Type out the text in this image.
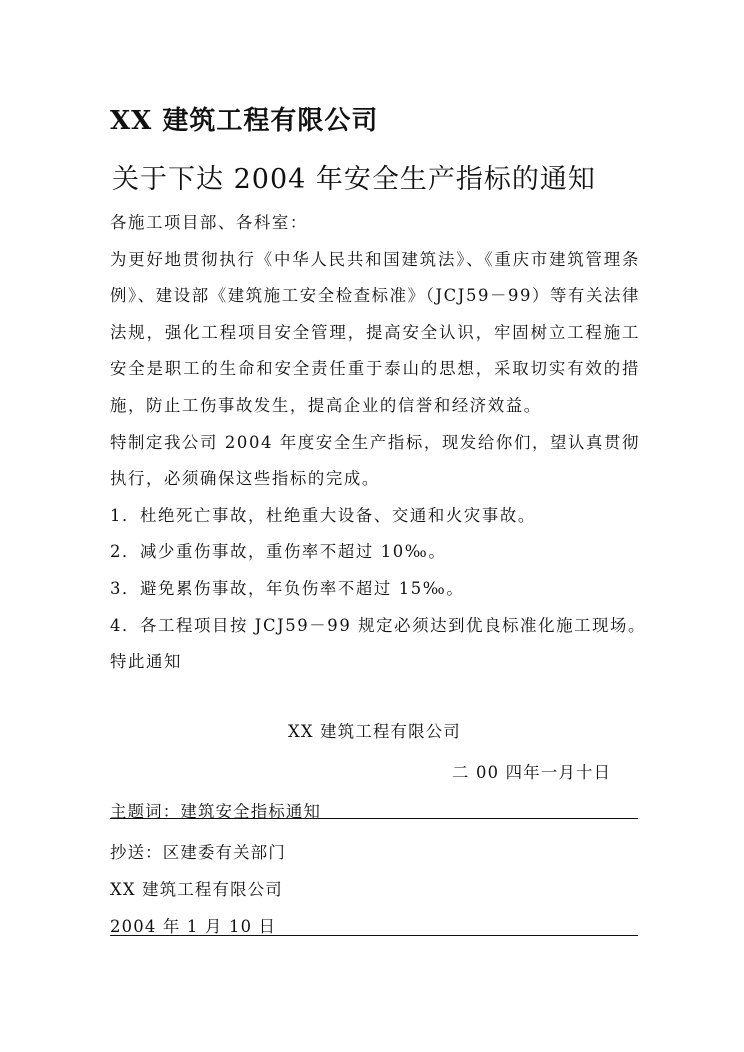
XX 建筑工程有限公司
关于下达 2004 年安全生产指标的通知

各施工项目部、各科室：

为更好地贯彻执行《中华人民共和国建筑法》、《重庆市建筑管理条例》、建设部《建筑施工安全检查标准》（JCJ59－99）等有关法律法规，强化工程项目安全管理，提高安全认识，牢固树立工程施工安全是职工的生命和安全责任重于泰山的思想，采取切实有效的措施，防止工伤事故发生，提高企业的信誉和经济效益。

特制定我公司 2004 年度安全生产指标，现发给你们，望认真贯彻执行，必须确保这些指标的完成。

1．杜绝死亡事故，杜绝重大设备、交通和火灾事故。

2．减少重伤事故，重伤率不超过 10‰。

3．避免累伤事故，年负伤率不超过 15‰。

4．各工程项目按 JCJ59－99 规定必须达到优良标准化施工现场。

特此通知

XX 建筑工程有限公司
二 00 四年一月十日
主题词：建筑安全指标通知
抄送：区建委有关部门
XX 建筑工程有限公司
2004 年 1 月 10 日
